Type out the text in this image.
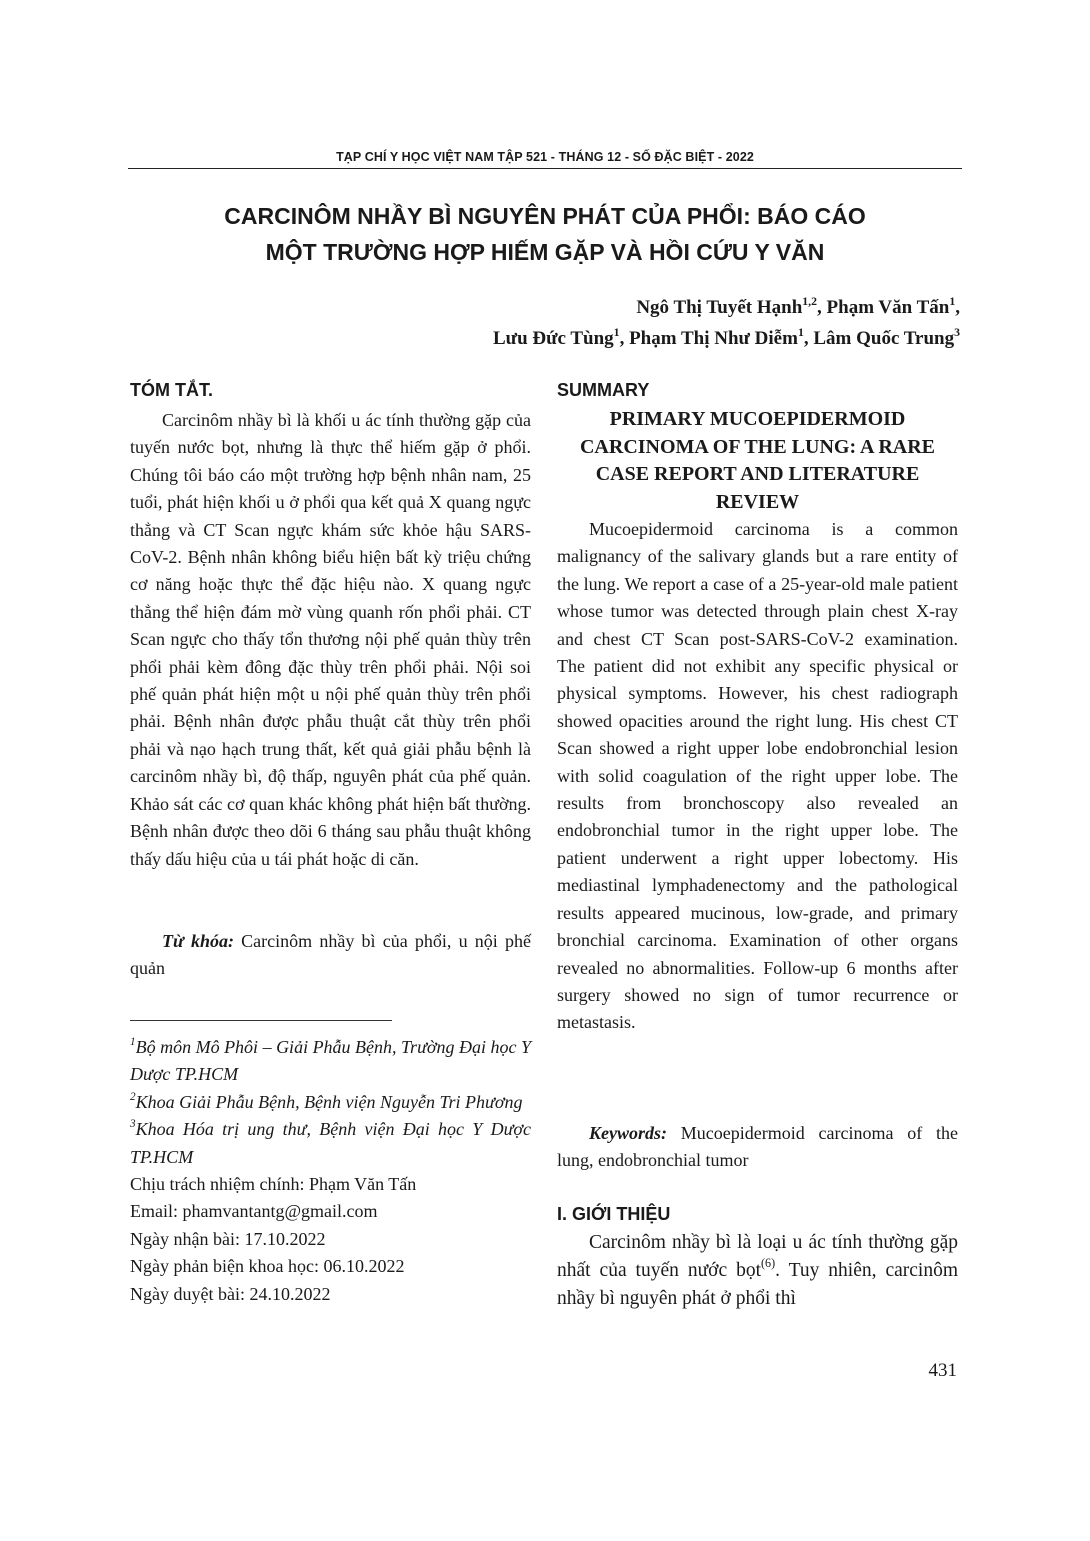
TẠP CHÍ Y HỌC VIỆT NAM TẬP 521 - THÁNG 12 - SỐ ĐẶC BIỆT - 2022
CARCINÔM NHẦY BÌ NGUYÊN PHÁT CỦA PHỔI: BÁO CÁO
MỘT TRƯỜNG HỢP HIẾM GẶP VÀ HỒI CỨU Y VĂN
Ngô Thị Tuyết Hạnh$^{1,2}$, Phạm Văn Tấn$^1$,
Lưu Đức Tùng$^1$, Phạm Thị Như Diễm$^1$, Lâm Quốc Trung$^3$
TÓM TẮT.

Carcinôm nhầy bì là khối u ác tính thường gặp của tuyến nước bọt, nhưng là thực thể hiếm gặp ở phổi. Chúng tôi báo cáo một trường hợp bệnh nhân nam, 25 tuổi, phát hiện khối u ở phổi qua kết quả X quang ngực thẳng và CT Scan ngực khám sức khỏe hậu SARS-CoV-2. Bệnh nhân không biểu hiện bất kỳ triệu chứng cơ năng hoặc thực thể đặc hiệu nào. X quang ngực thẳng thể hiện đám mờ vùng quanh rốn phổi phải. CT Scan ngực cho thấy tổn thương nội phế quản thùy trên phổi phải kèm đông đặc thùy trên phổi phải. Nội soi phế quản phát hiện một u nội phế quản thùy trên phổi phải. Bệnh nhân được phẫu thuật cắt thùy trên phổi phải và nạo hạch trung thất, kết quả giải phẫu bệnh là carcinôm nhầy bì, độ thấp, nguyên phát của phế quản. Khảo sát các cơ quan khác không phát hiện bất thường. Bệnh nhân được theo dõi 6 tháng sau phẫu thuật không thấy dấu hiệu của u tái phát hoặc di căn.

Từ khóa: Carcinôm nhầy bì của phổi, u nội phế quản

$^1$Bộ môn Mô Phôi – Giải Phẫu Bệnh, Trường Đại học Y Dược TP.HCM

$^2$Khoa Giải Phẫu Bệnh, Bệnh viện Nguyễn Tri Phương

$^3$Khoa Hóa trị ung thư, Bệnh viện Đại học Y Dược TP.HCM

Chịu trách nhiệm chính: Phạm Văn Tấn

Email: phamvantantg@gmail.com

Ngày nhận bài: 17.10.2022

Ngày phản biện khoa học: 06.10.2022

Ngày duyệt bài: 24.10.2022

SUMMARY
PRIMARY MUCOEPIDERMOID
CARCINOMA OF THE LUNG: A RARE
CASE REPORT AND LITERATURE
REVIEW

Mucoepidermoid carcinoma is a common malignancy of the salivary glands but a rare entity of the lung. We report a case of a 25-year-old male patient whose tumor was detected through plain chest X-ray and chest CT Scan post-SARS-CoV-2 examination. The patient did not exhibit any specific physical or physical symptoms. However, his chest radiograph showed opacities around the right lung. His chest CT Scan showed a right upper lobe endobronchial lesion with solid coagulation of the right upper lobe. The results from bronchoscopy also revealed an endobronchial tumor in the right upper lobe. The patient underwent a right upper lobectomy. His mediastinal lymphadenectomy and the pathological results appeared mucinous, low-grade, and primary bronchial carcinoma. Examination of other organs revealed no abnormalities. Follow-up 6 months after surgery showed no sign of tumor recurrence or metastasis.

Keywords: Mucoepidermoid carcinoma of the lung, endobronchial tumor

I. GIỚI THIỆU

Carcinôm nhầy bì là loại u ác tính thường gặp nhất của tuyến nước bọt$^{(6)}$. Tuy nhiên, carcinôm nhầy bì nguyên phát ở phổi thì

431
